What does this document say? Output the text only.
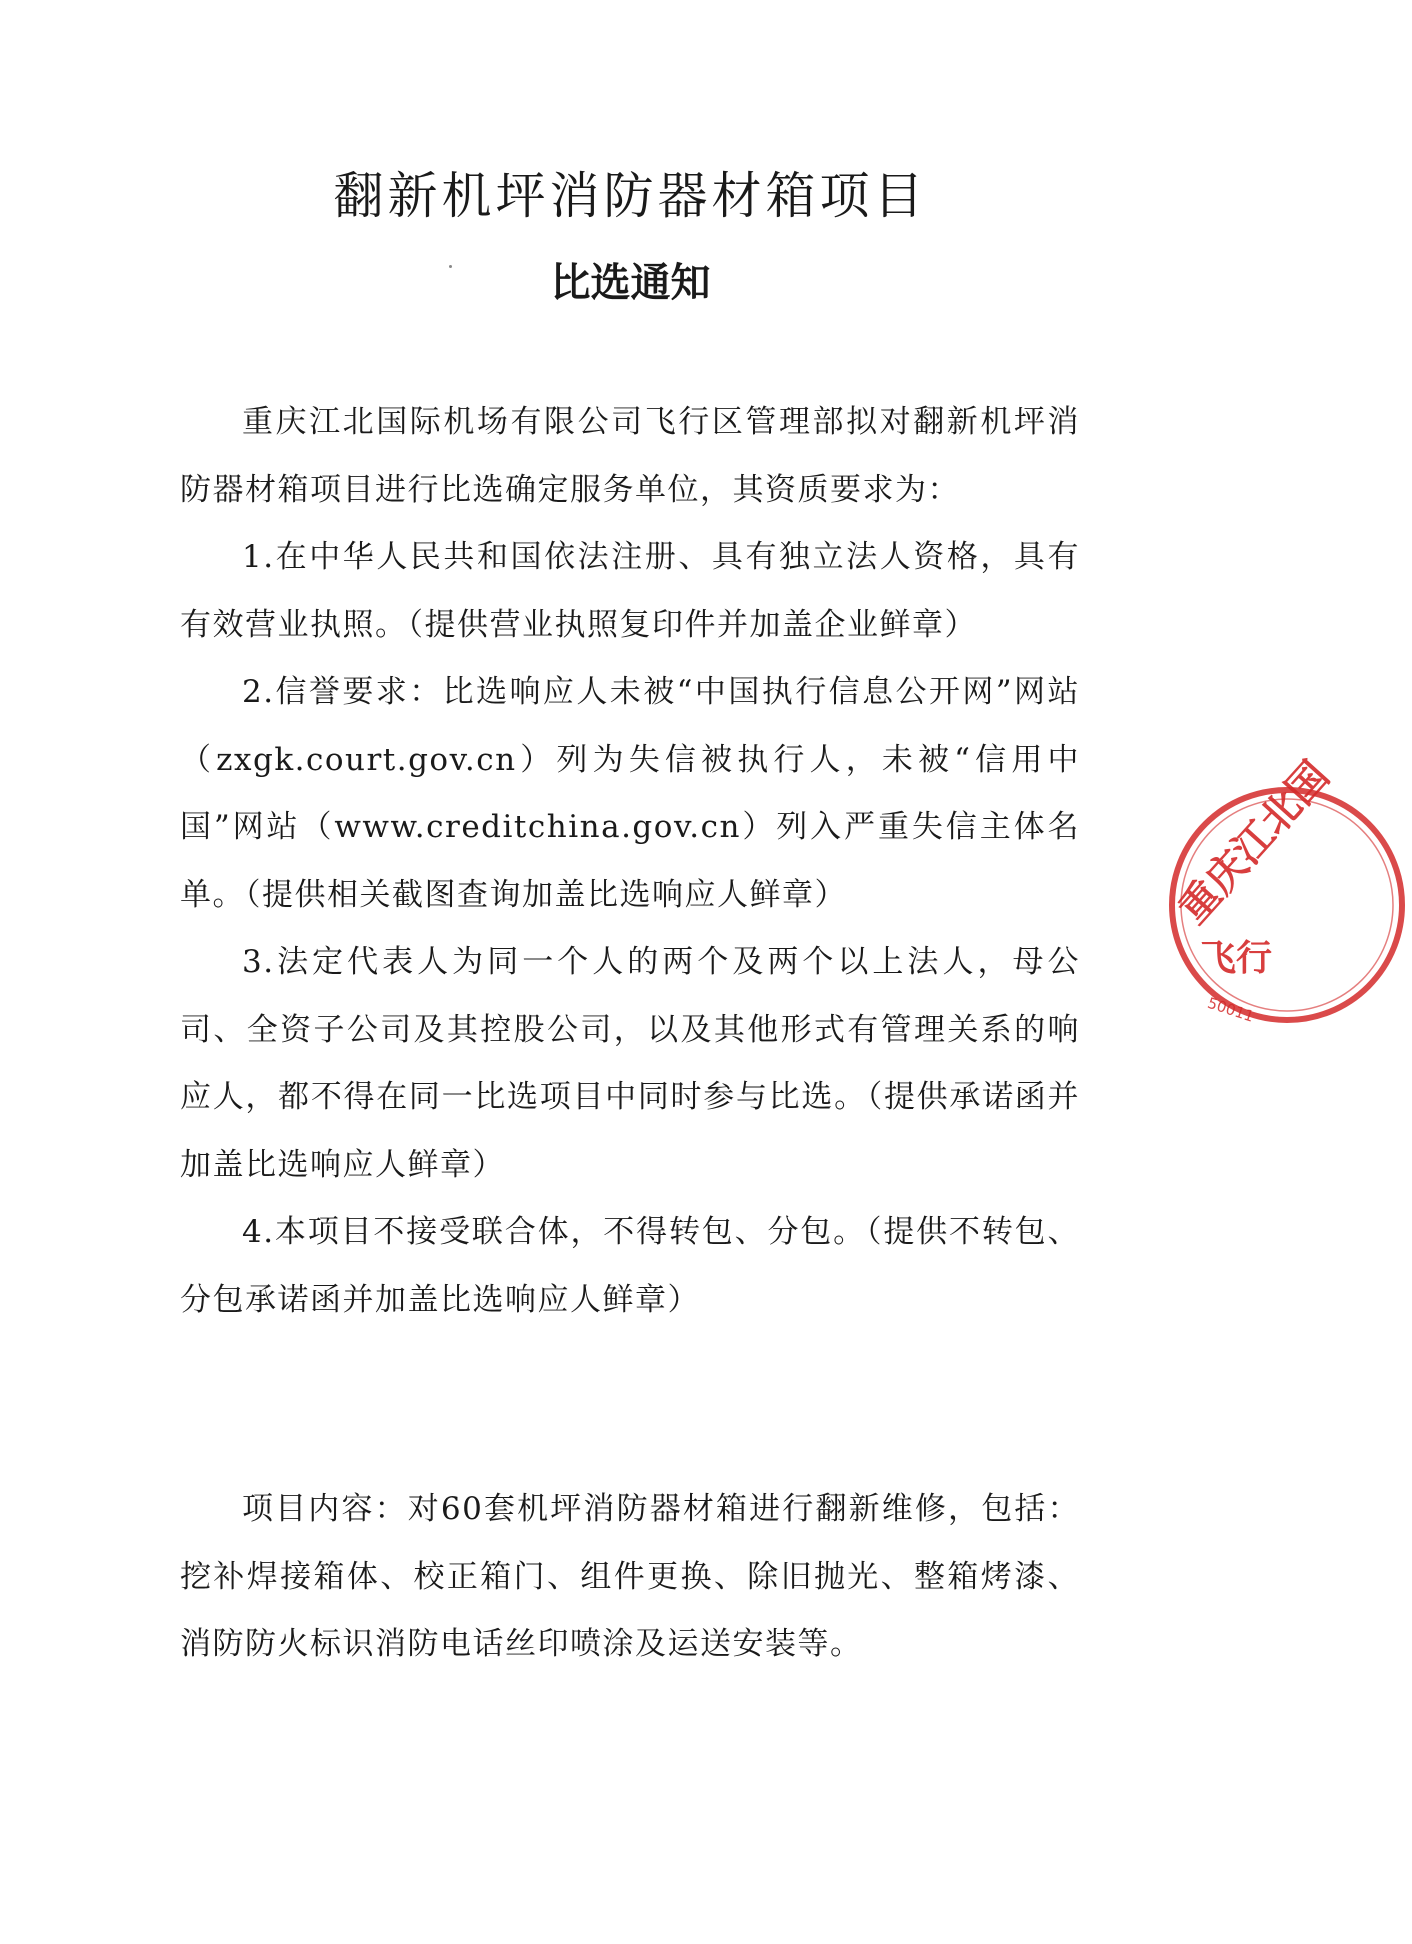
翻新机坪消防器材箱项目
比选通知

重庆江北国际机场有限公司飞行区管理部拟对翻新机坪消防器材箱项目进行比选确定服务单位，其资质要求为：

1.在中华人民共和国依法注册、具有独立法人资格，具有有效营业执照。（提供营业执照复印件并加盖企业鲜章）

2.信誉要求：比选响应人未被“中国执行信息公开网”网站（zxgk.court.gov.cn）列为失信被执行人，未被“信用中国”网站（www.creditchina.gov.cn）列入严重失信主体名单。（提供相关截图查询加盖比选响应人鲜章）

3.法定代表人为同一个人的两个及两个以上法人，母公司、全资子公司及其控股公司，以及其他形式有管理关系的响应人，都不得在同一比选项目中同时参与比选。（提供承诺函并加盖比选响应人鲜章）

4.本项目不接受联合体，不得转包、分包。（提供不转包、分包承诺函并加盖比选响应人鲜章）

项目内容：对60套机坪消防器材箱进行翻新维修，包括：挖补焊接箱体、校正箱门、组件更换、除旧抛光、整箱烤漆、消防防火标识消防电话丝印喷涂及运送安装等。

重庆江北国
飞行
50011
